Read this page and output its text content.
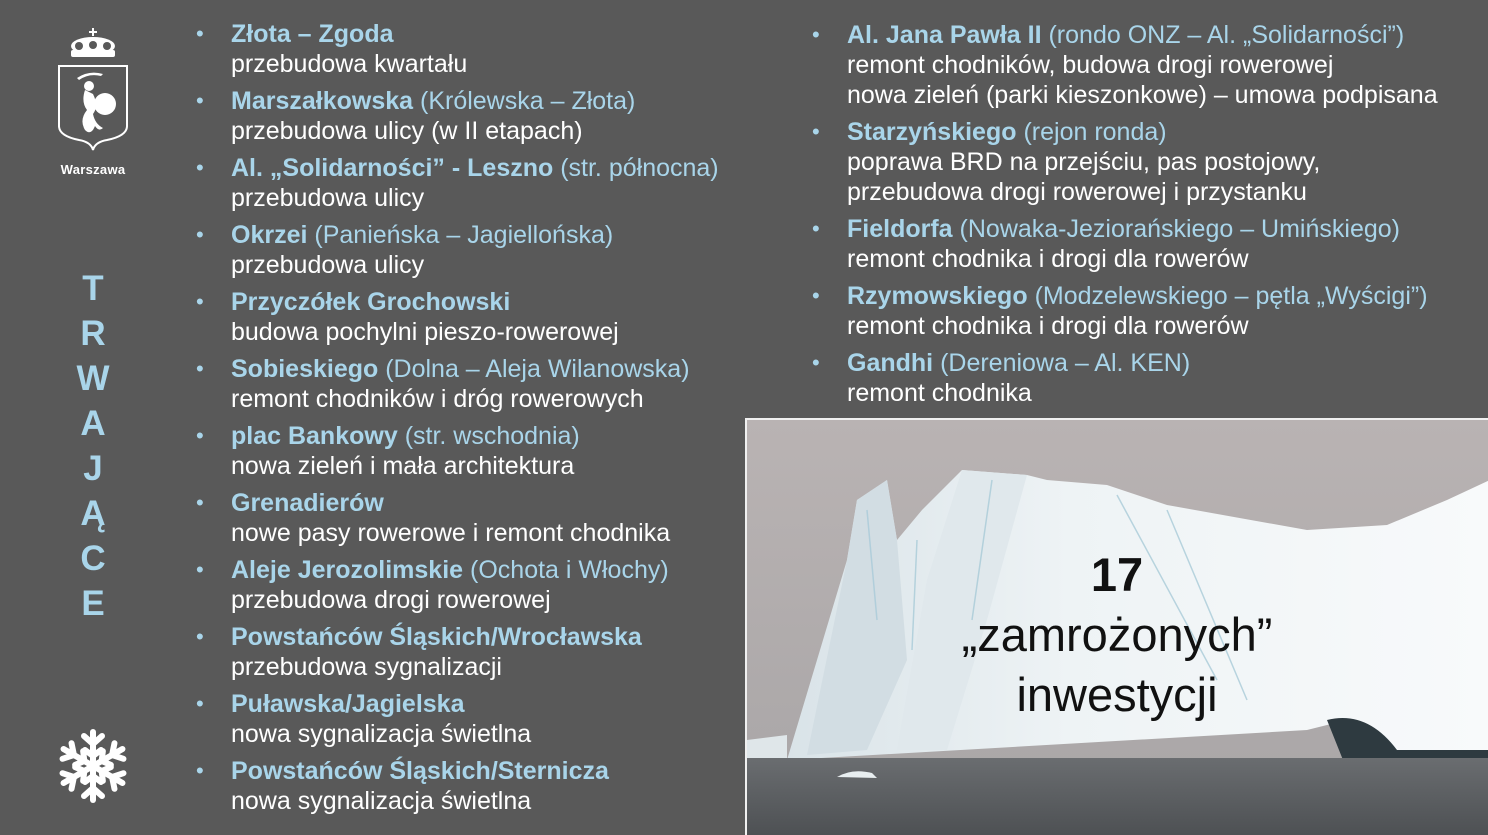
Warszawa
T
R
W
A
J
Ą
C
E
• Złota – Zgoda
przebudowa kwartału
• Marszałkowska (Królewska – Złota)
przebudowa ulicy (w II etapach)
• Al. „Solidarności” - Leszno (str. północna)
przebudowa ulicy
• Okrzei (Panieńska – Jagiellońska)
przebudowa ulicy
• Przyczółek Grochowski
budowa pochylni pieszo-rowerowej
• Sobieskiego (Dolna – Aleja Wilanowska)
remont chodników i dróg rowerowych
• plac Bankowy (str. wschodnia)
nowa zieleń i mała architektura
• Grenadierów
nowe pasy rowerowe i remont chodnika
• Aleje Jerozolimskie (Ochota i Włochy)
przebudowa drogi rowerowej
• Powstańców Śląskich/Wrocławska
przebudowa sygnalizacji
• Puławska/Jagielska
nowa sygnalizacja świetlna
• Powstańców Śląskich/Sternicza
nowa sygnalizacja świetlna
• Al. Jana Pawła II (rondo ONZ – Al. „Solidarności”)
remont chodników, budowa drogi rowerowej
nowa zieleń (parki kieszonkowe) – umowa podpisana
• Starzyńskiego (rejon ronda)
poprawa BRD na przejściu, pas postojowy,
przebudowa drogi rowerowej i przystanku
• Fieldorfa (Nowaka-Jeziorańskiego – Umińskiego)
remont chodnika i drogi dla rowerów
• Rzymowskiego (Modzelewskiego – pętla „Wyścigi”)
remont chodnika i drogi dla rowerów
• Gandhi (Dereniowa – Al. KEN)
remont chodnika
17
„zamrożonych”
inwestycji
